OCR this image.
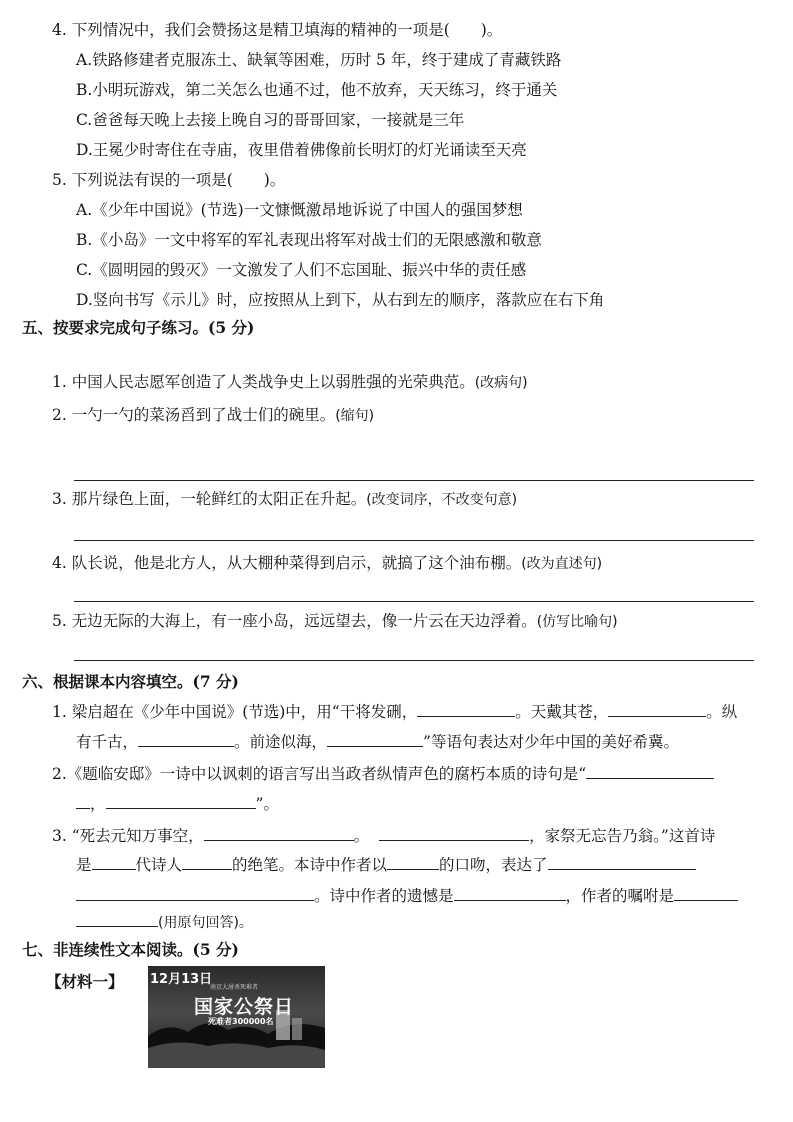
4. 下列情况中，我们会赞扬这是精卫填海的精神的一项是(　　)。
A.铁路修建者克服冻土、缺氧等困难，历时 5 年，终于建成了青藏铁路
B.小明玩游戏，第二关怎么也通不过，他不放弃，天天练习，终于通关
C.爸爸每天晚上去接上晚自习的哥哥回家，一接就是三年
D.王冕少时寄住在寺庙，夜里借着佛像前长明灯的灯光诵读至天亮
5. 下列说法有误的一项是(　　)。
A.《少年中国说》(节选)一文慷慨激昂地诉说了中国人的强国梦想
B.《小岛》一文中将军的军礼表现出将军对战士们的无限感激和敬意
C.《圆明园的毁灭》一文激发了人们不忘国耻、振兴中华的责任感
D.竖向书写《示儿》时，应按照从上到下，从右到左的顺序，落款应在右下角
五、按要求完成句子练习。(5 分)
1. 中国人民志愿军创造了人类战争史上以弱胜强的光荣典范。(改病句)
2. 一勺一勺的菜汤舀到了战士们的碗里。(缩句)
3. 那片绿色上面，一轮鲜红的太阳正在升起。(改变词序，不改变句意)
4. 队长说，他是北方人，从大棚种菜得到启示，就搞了这个油布棚。(改为直述句)
5. 无边无际的大海上，有一座小岛，远远望去，像一片云在天边浮着。(仿写比喻句)
六、根据课本内容填空。(7 分)
1. 梁启超在《少年中国说》(节选)中，用“干将发硎，	。天戴其苍，	。纵
有千古，	。前途似海，	”等语句表达对少年中国的美好希冀。
2.《题临安邸》一诗中以讽刺的语言写出当政者纵情声色的腐朽本质的诗句是“
，	”。
3. “死去元知万事空，	。	，家祭无忘告乃翁。”这首诗
是	代诗人	的绝笔。本诗中作者以	的口吻，表达了
。诗中作者的遗憾是	，作者的嘱咐是
(用原句回答)。
七、非连续性文本阅读。(5 分)
【材料一】 12月13日
南京大屠杀死难者
国家公祭日
死难者300000名
